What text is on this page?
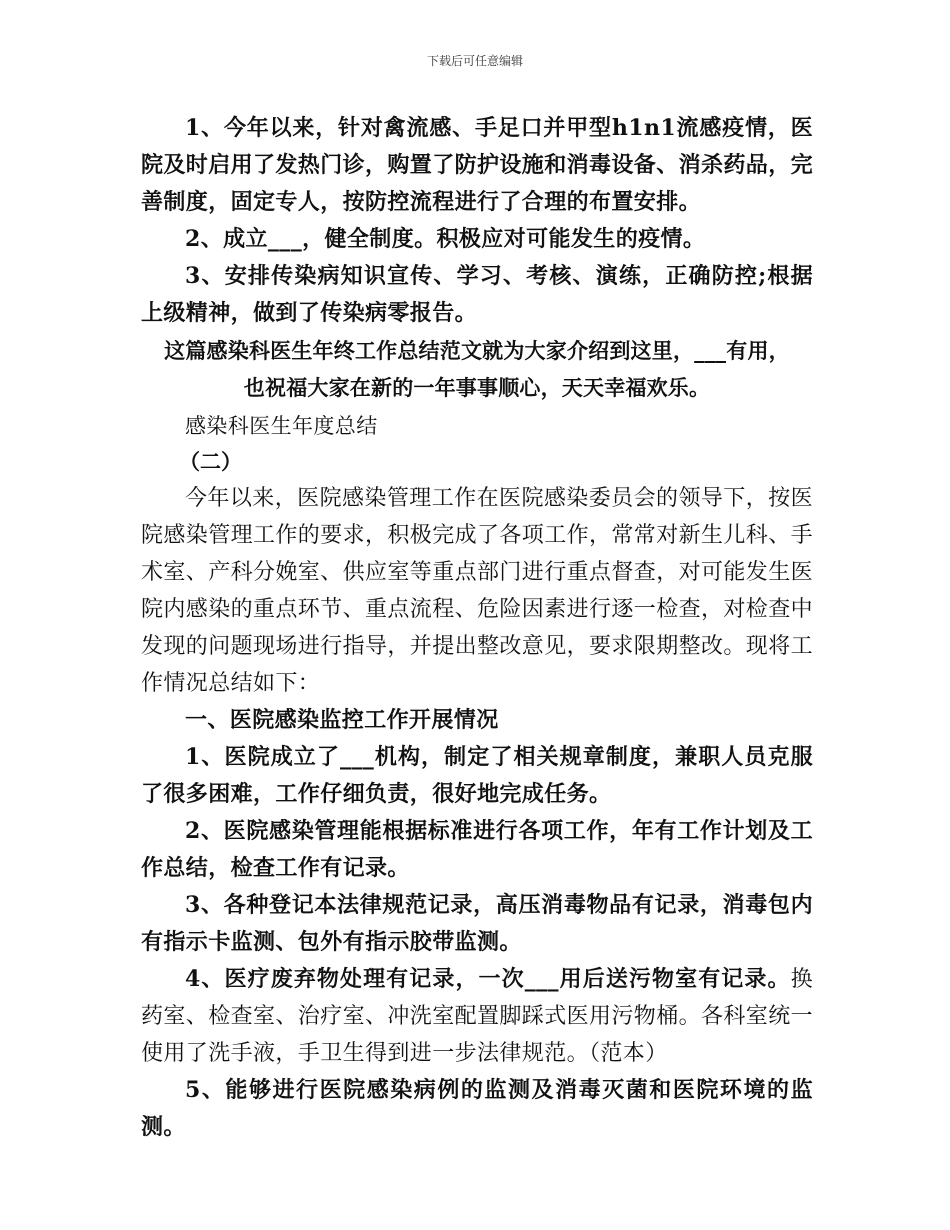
下载后可任意编辑

1、今年以来，针对禽流感、手足口并甲型h1n1流感疫情，医院及时启用了发热门诊，购置了防护设施和消毒设备、消杀药品，完善制度，固定专人，按防控流程进行了合理的布置安排。

2、成立___，健全制度。积极应对可能发生的疫情。

3、安排传染病知识宣传、学习、考核、演练，正确防控;根据上级精神，做到了传染病零报告。

这篇感染科医生年终工作总结范文就为大家介绍到这里，___有用，

也祝福大家在新的一年事事顺心，天天幸福欢乐。

感染科医生年度总结

（二）

今年以来，医院感染管理工作在医院感染委员会的领导下，按医院感染管理工作的要求，积极完成了各项工作，常常对新生儿科、手术室、产科分娩室、供应室等重点部门进行重点督查，对可能发生医院内感染的重点环节、重点流程、危险因素进行逐一检查，对检查中发现的问题现场进行指导，并提出整改意见，要求限期整改。现将工作情况总结如下：

一、医院感染监控工作开展情况

1、医院成立了___机构，制定了相关规章制度，兼职人员克服了很多困难，工作仔细负责，很好地完成任务。

2、医院感染管理能根据标准进行各项工作，年有工作计划及工作总结，检查工作有记录。

3、各种登记本法律规范记录，高压消毒物品有记录，消毒包内有指示卡监测、包外有指示胶带监测。

4、医疗废弃物处理有记录，一次___用后送污物室有记录。换药室、检查室、治疗室、冲洗室配置脚踩式医用污物桶。各科室统一使用了洗手液，手卫生得到进一步法律规范。（范本）

5、能够进行医院感染病例的监测及消毒灭菌和医院环境的监测。
